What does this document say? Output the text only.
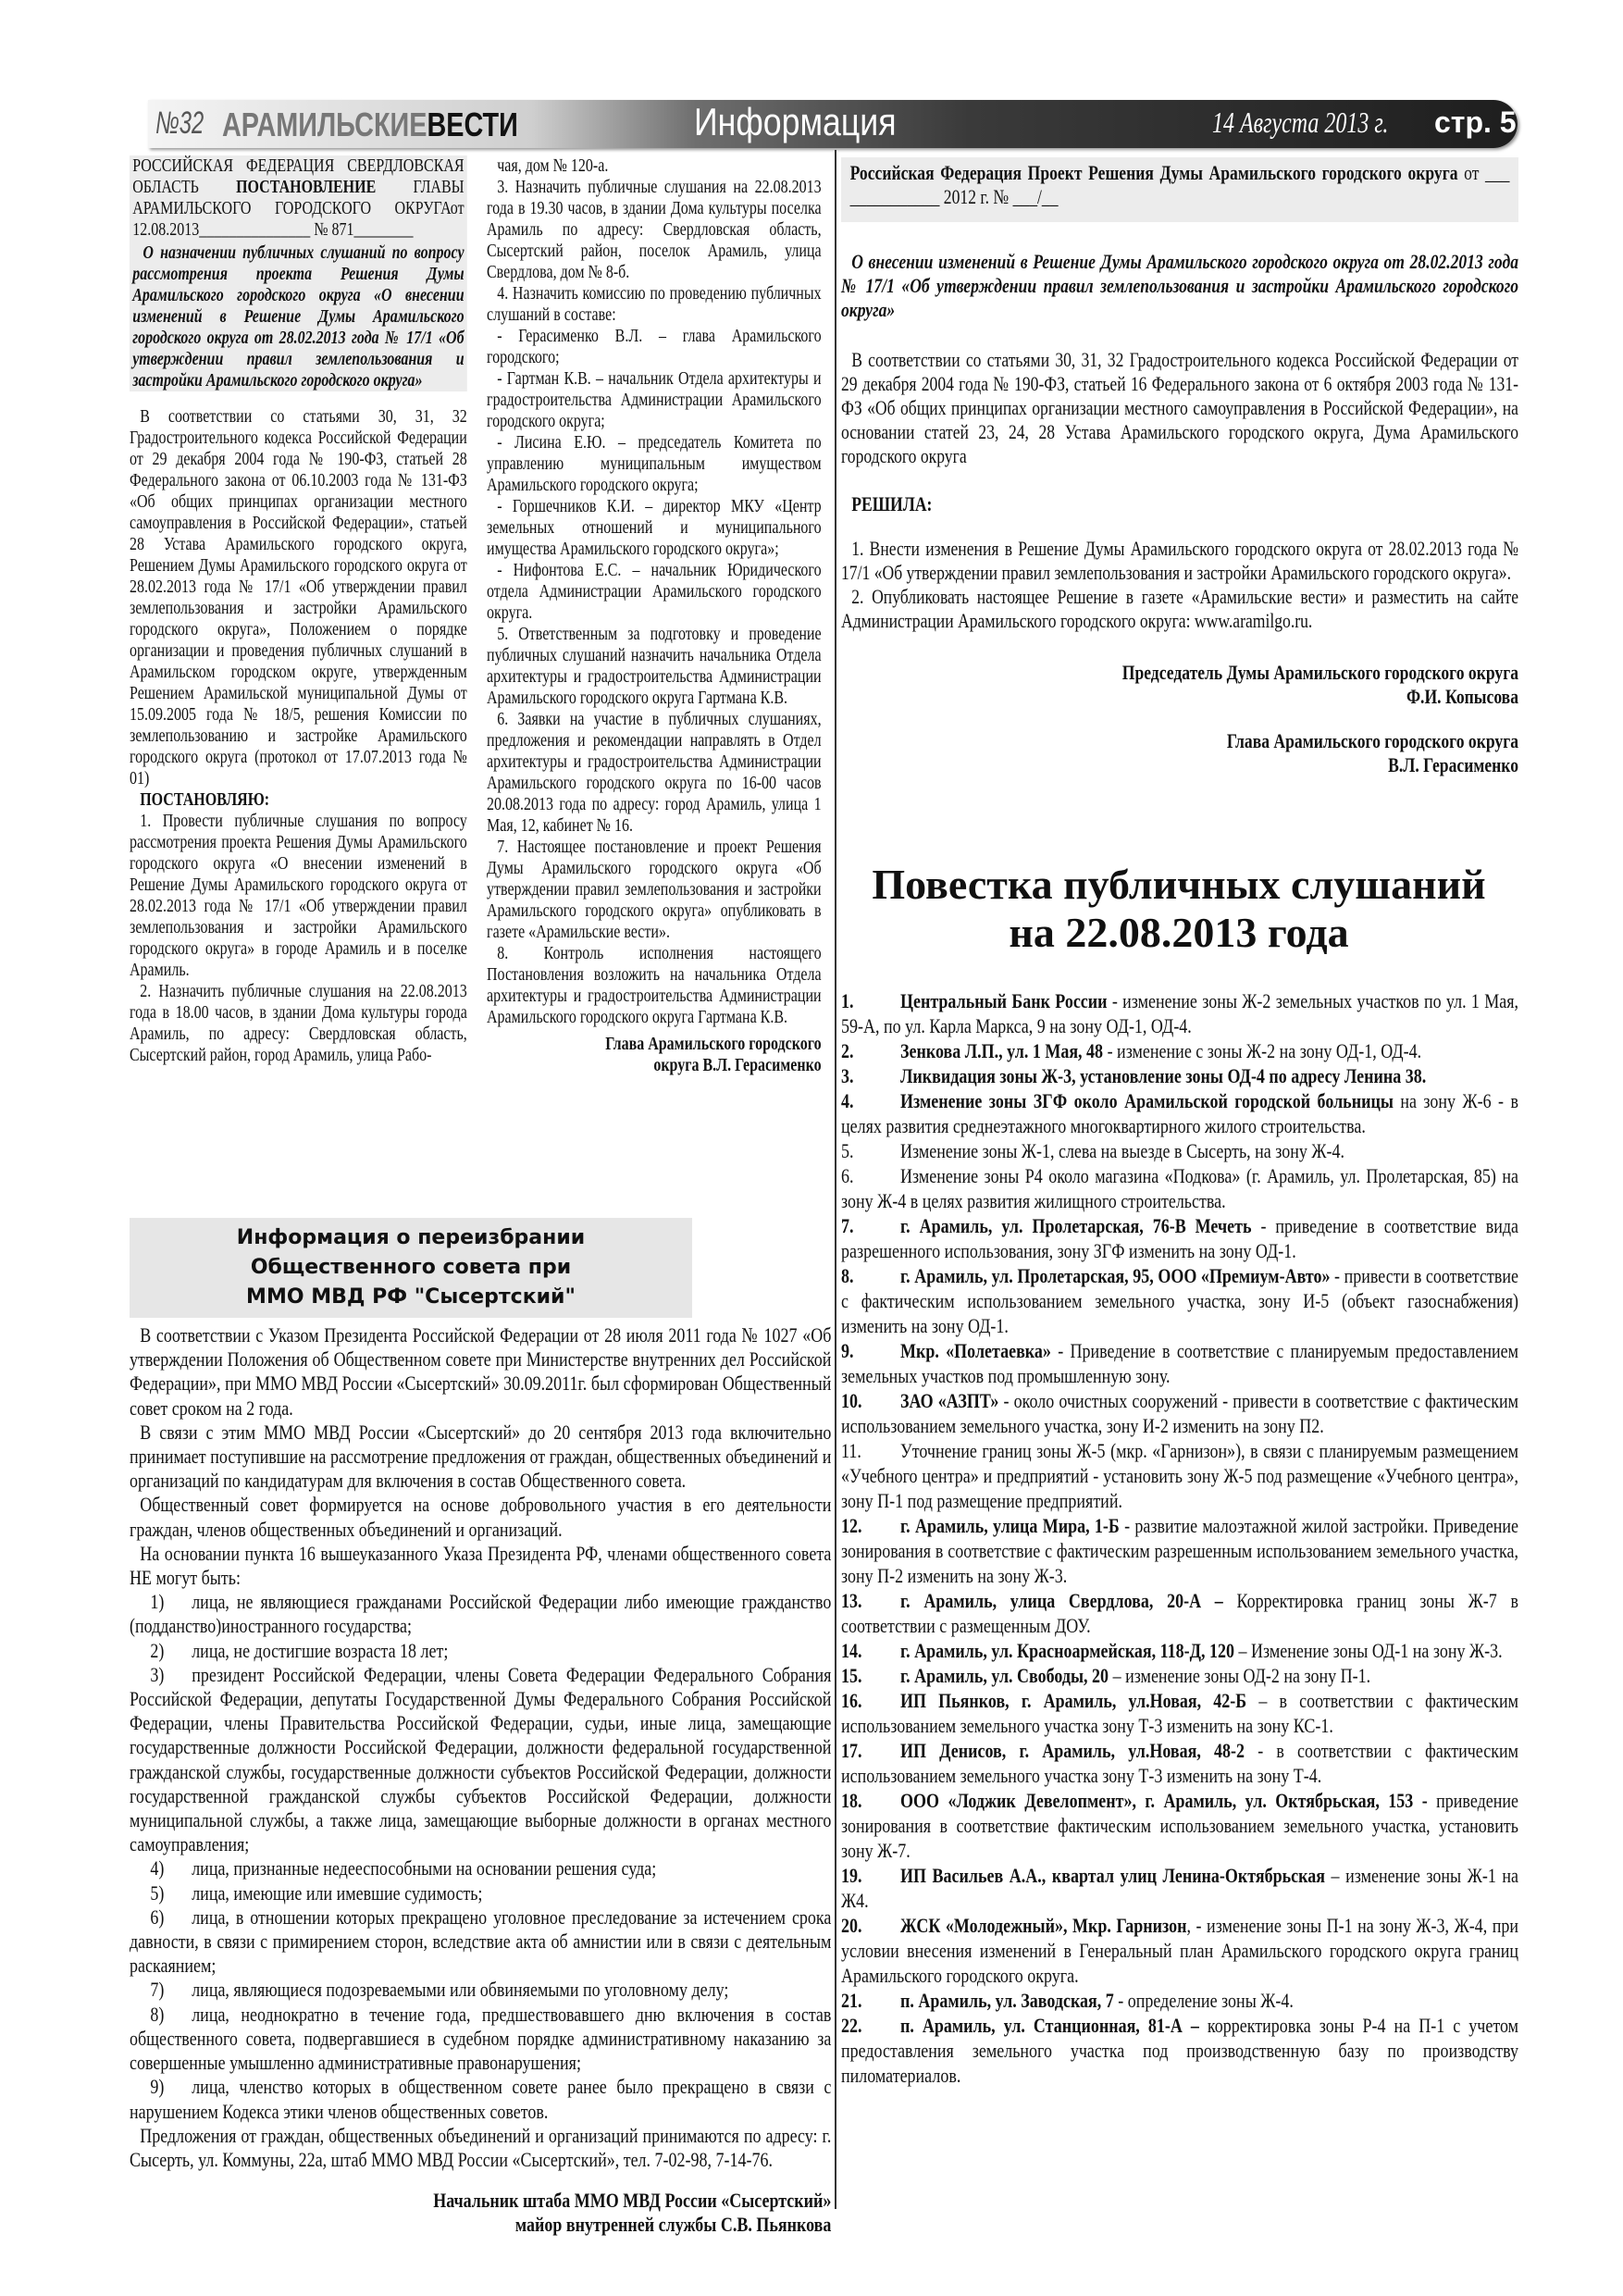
№32 АРАМИЛЬСКИЕВЕСТИ	Информация	14 Августа 2013 г. стр. 5
РОССИЙСКАЯ ФЕДЕРАЦИЯ СВЕРДЛОВСКАЯ ОБЛАСТЬ ПОСТАНОВЛЕНИЕ ГЛАВЫ АРАМИЛЬСКОГО ГОРОДСКОГО ОКРУГАот 12.08.2013_______________ № 871________

О назначении публичных слушаний по вопросу рассмотрения проекта Решения Думы Арамильского городского округа «О внесении изменений в Решение Думы Арамильского городского округа от 28.02.2013 года № 17/1 «Об утверждении правил землепользования и застройки Арамильского городского округа»

В соответствии со статьями 30, 31, 32 Градостроительного кодекса Российской Федерации от 29 декабря 2004 года № 190-ФЗ, статьей 28 Федерального закона от 06.10.2003 года № 131-ФЗ «Об общих принципах организации местного самоуправления в Российской Федерации», статьей 28 Устава Арамильского городского округа, Решением Думы Арамильского городского округа от 28.02.2013 года № 17/1 «Об утверждении правил землепользования и застройки Арамильского городского округа», Положением о порядке организации и проведения публичных слушаний в Арамильском городском округе, утвержденным Решением Арамильской муниципальной Думы от 15.09.2005 года № 18/5, решения Комиссии по землепользованию и застройке Арамильского городского округа (протокол от 17.07.2013 года № 01)

ПОСТАНОВЛЯЮ:

1. Провести публичные слушания по вопросу рассмотрения проекта Решения Думы Арамильского городского округа «О внесении изменений в Решение Думы Арамильского городского округа от 28.02.2013 года № 17/1 «Об утверждении правил землепользования и застройки Арамильского городского округа» в городе Арамиль и в поселке Арамиль.

2. Назначить публичные слушания на 22.08.2013 года в 18.00 часов, в здании Дома культуры города Арамиль, по адресу: Свердловская область, Сысертский район, город Арамиль, улица Рабо-

чая, дом № 120-а.

3. Назначить публичные слушания на 22.08.2013 года в 19.30 часов, в здании Дома культуры поселка Арамиль по адресу: Свердловская область, Сысертский район, поселок Арамиль, улица Свердлова, дом № 8-б.

4. Назначить комиссию по проведению публичных слушаний в составе:

- Герасименко В.Л. – глава Арамильского городского;

- Гартман К.В. – начальник Отдела архитектуры и градостроительства Администрации Арамильского городского округа;

- Лисина Е.Ю. – председатель Комитета по управлению муниципальным имуществом Арамильского городского округа;

- Горшечников К.И. – директор МКУ «Центр земельных отношений и муниципального имущества Арамильского городского округа»;

- Нифонтова Е.С. – начальник Юридического отдела Администрации Арамильского городского округа.

5. Ответственным за подготовку и проведение публичных слушаний назначить начальника Отдела архитектуры и градостроительства Администрации Арамильского городского округа Гартмана К.В.

6. Заявки на участие в публичных слушаниях, предложения и рекомендации направлять в Отдел архитектуры и градостроительства Администрации Арамильского городского округа по 16-00 часов 20.08.2013 года по адресу: город Арамиль, улица 1 Мая, 12, кабинет № 16.

7. Настоящее постановление и проект Решения Думы Арамильского городского округа «Об утверждении правил землепользования и застройки Арамильского городского округа» опубликовать в газете «Арамильские вести».

8. Контроль исполнения настоящего Постановления возложить на начальника Отдела архитектуры и градостроительства Администрации Арамильского городского округа Гартмана К.В.

Глава Арамильского городского округа В.Л. Герасименко

Российская Федерация Проект Решения Думы Арамильского городского округа от ___ ___________ 2012 г. № ___/__

О внесении изменений в Решение Думы Арамильского городского округа от 28.02.2013 года № 17/1 «Об утверждении правил землепользования и застройки Арамильского городского округа»

В соответствии со статьями 30, 31, 32 Градостроительного кодекса Российской Федерации от 29 декабря 2004 года № 190-ФЗ, статьей 16 Федерального закона от 6 октября 2003 года № 131-ФЗ «Об общих принципах организации местного самоуправления в Российской Федерации», на основании статей 23, 24, 28 Устава Арамильского городского округа, Дума Арамильского городского округа

РЕШИЛА:

1. Внести изменения в Решение Думы Арамильского городского округа от 28.02.2013 года № 17/1 «Об утверждении правил землепользования и застройки Арамильского городского округа».

2. Опубликовать настоящее Решение в газете «Арамильские вести» и разместить на сайте Администрации Арамильского городского округа: www.aramilgo.ru.

Председатель Думы Арамильского городского округа Ф.И. Копысова

Глава Арамильского городского округа В.Л. Герасименко

Повестка публичных слушаний на 22.08.2013 года

1. Центральный Банк России - изменение зоны Ж-2 земельных участков по ул. 1 Мая, 59-А, по ул. Карла Маркса, 9 на зону ОД-1, ОД-4.

2. Зенкова Л.П., ул. 1 Мая, 48 - изменение с зоны Ж-2 на зону ОД-1, ОД-4.

3. Ликвидация зоны Ж-3, установление зоны ОД-4 по адресу Ленина 38.

4. Изменение зоны ЗГФ около Арамильской городской больницы на зону Ж-6 - в целях развития среднеэтажного многоквартирного жилого строительства.

5. Изменение зоны Ж-1, слева на выезде в Сысерть, на зону Ж-4.

6. Изменение зоны Р4 около магазина «Подкова» (г. Арамиль, ул. Пролетарская, 85) на зону Ж-4 в целях развития жилищного строительства.

7. г. Арамиль, ул. Пролетарская, 76-В Мечеть - приведение в соответствие вида разрешенного использования, зону ЗГФ изменить на зону ОД-1.

8. г. Арамиль, ул. Пролетарская, 95, ООО «Премиум-Авто» - привести в соответствие с фактическим использованием земельного участка, зону И-5 (объект газоснабжения) изменить на зону ОД-1.

9. Мкр. «Полетаевка» - Приведение в соответствие с планируемым предоставлением земельных участков под промышленную зону.

10. ЗАО «АЗПТ» - около очистных сооружений - привести в соответствие с фактическим использованием земельного участка, зону И-2 изменить на зону П2.

11. Уточнение границ зоны Ж-5 (мкр. «Гарнизон»), в связи с планируемым размещением «Учебного центра» и предприятий - установить зону Ж-5 под размещение «Учебного центра», зону П-1 под размещение предприятий.

12. г. Арамиль, улица Мира, 1-Б - развитие малоэтажной жилой застройки. Приведение зонирования в соответствие с фактическим разрешенным использованием земельного участка, зону П-2 изменить на зону Ж-3.

13. г. Арамиль, улица Свердлова, 20-А – Корректировка границ зоны Ж-7 в соответствии с размещенным ДОУ.

14. г. Арамиль, ул. Красноармейская, 118-Д, 120 – Изменение зоны ОД-1 на зону Ж-3.

15. г. Арамиль, ул. Свободы, 20 – изменение зоны ОД-2 на зону П-1.

16. ИП Пьянков, г. Арамиль, ул.Новая, 42-Б – в соответствии с фактическим использованием земельного участка зону Т-3 изменить на зону КС-1.

17. ИП Денисов, г. Арамиль, ул.Новая, 48-2 - в соответствии с фактическим использованием земельного участка зону Т-3 изменить на зону Т-4.

18. ООО «Лоджик Девелопмент», г. Арамиль, ул. Октябрьская, 153 - приведение зонирования в соответствие фактическим использованием земельного участка, установить зону Ж-7.

19. ИП Васильев А.А., квартал улиц Ленина-Октябрьская – изменение зоны Ж-1 на Ж4.

20. ЖСК «Молодежный», Мкр. Гарнизон, - изменение зоны П-1 на зону Ж-3, Ж-4, при условии внесения изменений в Генеральный план Арамильского городского округа границ Арамильского городского округа.

21. п. Арамиль, ул. Заводская, 7 - определение зоны Ж-4.

22. п. Арамиль, ул. Станционная, 81-А – корректировка зоны Р-4 на П-1 с учетом предоставления земельного участка под производственную базу по производству пиломатериалов.

Информация о переизбрании Общественного совета при ММО МВД РФ "Сысертский"

В соответствии с Указом Президента Российской Федерации от 28 июля 2011 года № 1027 «Об утверждении Положения об Общественном совете при Министерстве внутренних дел Российской Федерации», при ММО МВД России «Сысертский» 30.09.2011г. был сформирован Общественный совет сроком на 2 года.

В связи с этим ММО МВД России «Сысертский» до 20 сентября 2013 года включительно принимает поступившие на рассмотрение предложения от граждан, общественных объединений и организаций по кандидатурам для включения в состав Общественного совета.

Общественный совет формируется на основе добровольного участия в его деятельности граждан, членов общественных объединений и организаций.

На основании пункта 16 вышеуказанного Указа Президента РФ, членами общественного совета НЕ могут быть:

1) лица, не являющиеся гражданами Российской Федерации либо имеющие гражданство (подданство)иностранного государства;

2) лица, не достигшие возраста 18 лет;

3) президент Российской Федерации, члены Совета Федерации Федерального Собрания Российской Федерации, депутаты Государственной Думы Федерального Собрания Российской Федерации, члены Правительства Российской Федерации, судьи, иные лица, замещающие государственные должности Российской Федерации, должности федеральной государственной гражданской службы, государственные должности субъектов Российской Федерации, должности государственной гражданской службы субъектов Российской Федерации, должности муниципальной службы, а также лица, замещающие выборные должности в органах местного самоуправления;

4) лица, признанные недееспособными на основании решения суда;

5) лица, имеющие или имевшие судимость;

6) лица, в отношении которых прекращено уголовное преследование за истечением срока давности, в связи с примирением сторон, вследствие акта об амнистии или в связи с деятельным раскаянием;

7) лица, являющиеся подозреваемыми или обвиняемыми по уголовному делу;

8) лица, неоднократно в течение года, предшествовавшего дню включения в состав общественного совета, подвергавшиеся в судебном порядке административному наказанию за совершенные умышленно административные правонарушения;

9) лица, членство которых в общественном совете ранее было прекращено в связи с нарушением Кодекса этики членов общественных советов.

Предложения от граждан, общественных объединений и организаций принимаются по адресу: г. Сысерть, ул. Коммуны, 22а, штаб ММО МВД России «Сысертский», тел. 7-02-98, 7-14-76.

Начальник штаба ММО МВД России «Сысертский» майор внутренней службы С.В. Пьянкова
